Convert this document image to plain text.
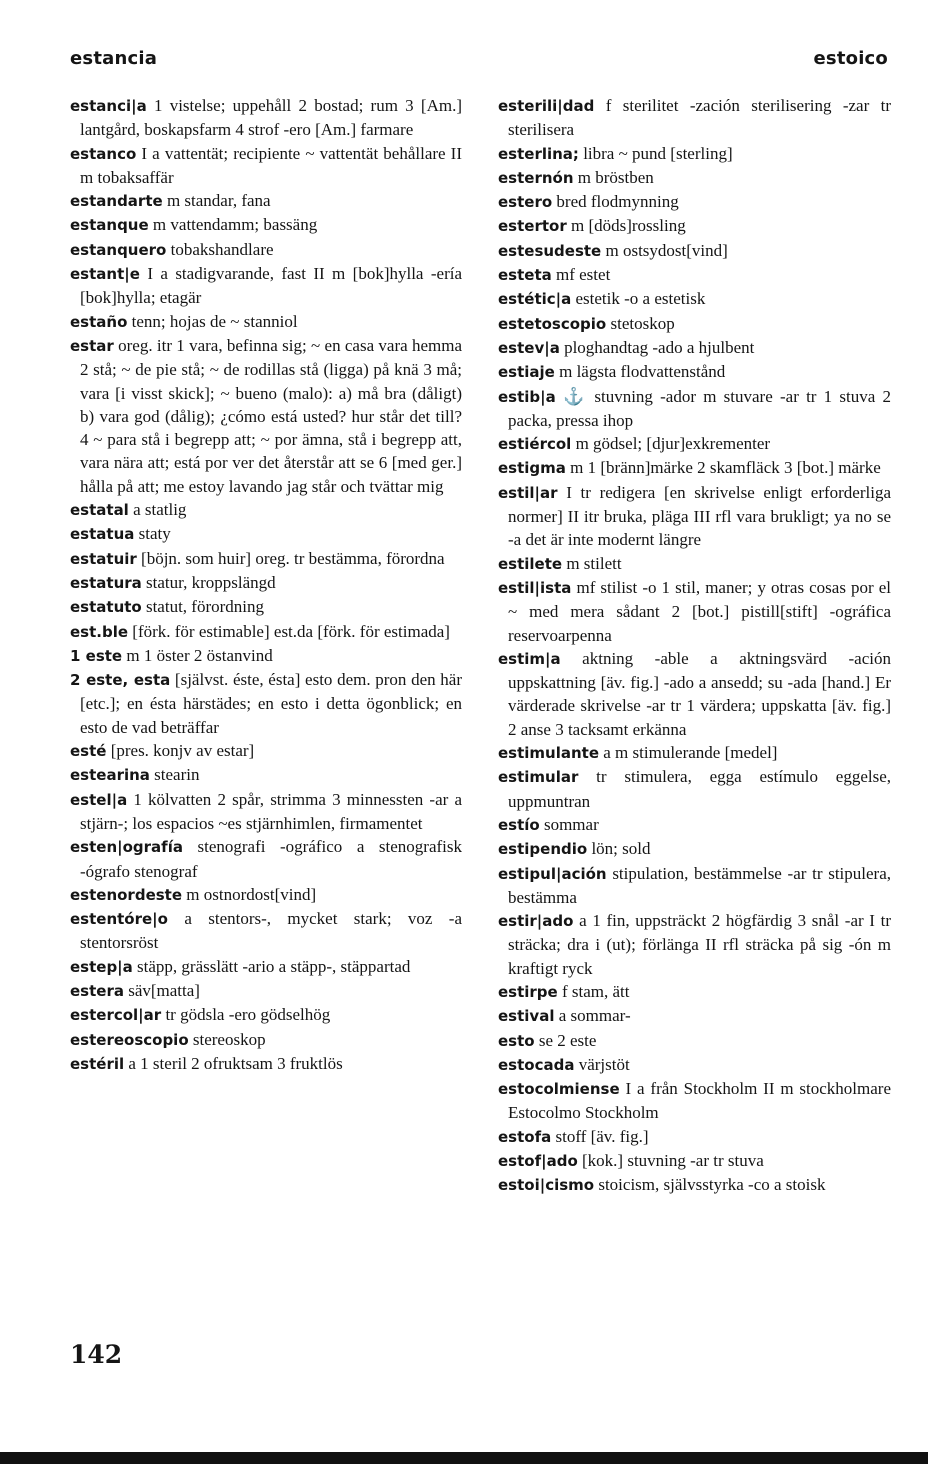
estancia	estoico
estanci|a 1 vistelse; uppehåll 2 bostad; rum 3 [Am.] lantgård, boskapsfarm 4 strof -ero [Am.] farmare
estanco I a vattentät; recipiente ~ vattentät behållare II m tobaksaffär
estandarte m standar, fana
estanque m vattendamm; bassäng
estanquero tobakshandlare
estant|e I a stadigvarande, fast II m [bok]hylla -ería [bok]hylla; etagär
estaño tenn; hojas de ~ stanniol
estar oreg. itr 1 vara, befinna sig; ~ en casa vara hemma 2 stå; ~ de pie stå; ~ de rodillas stå (ligga) på knä 3 må; vara [i visst skick]; ~ bueno (malo): a) må bra (dåligt) b) vara god (dålig); ¿cómo está usted? hur står det till? 4 ~ para stå i begrepp att; ~ por ämna, stå i begrepp att, vara nära att; está por ver det återstår att se 6 [med ger.] hålla på att; me estoy lavando jag står och tvättar mig
estatal a statlig
estatua staty
estatuir [böjn. som huir] oreg. tr bestämma, förordna
estatura statur, kroppslängd
estatuto statut, förordning
est.ble [förk. för estimable] est.da [förk. för estimada]
1 este m 1 öster 2 östanvind
2 este, esta [självst. éste, ésta] esto dem. pron den här [etc.]; en ésta härstädes; en esto i detta ögonblick; en esto de vad beträffar
esté [pres. konjv av estar]
estearina stearin
estel|a 1 kölvatten 2 spår, strimma 3 minnessten -ar a stjärn-; los espacios ~es stjärnhimlen, firmamentet
esten|ografía stenografi -ográfico a stenografisk -ógrafo stenograf
estenordeste m ostnordost[vind]
estentóre|o a stentors-, mycket stark; voz -a stentorsröst
estep|a stäpp, grässlätt -ario a stäpp-, stäppartad
estera säv[matta]
estercol|ar tr gödsla -ero gödselhög
estereoscopio stereoskop
estéril a 1 steril 2 ofruktsam 3 fruktlös
esterili|dad f sterilitet -zación sterilisering -zar tr sterilisera
esterlina; libra ~ pund [sterling]
esternón m bröstben
estero bred flodmynning
estertor m [döds]rossling
estesudeste m ostsydost[vind]
esteta mf estet
estétic|a estetik -o a estetisk
estetoscopio stetoskop
estev|a ploghandtag -ado a hjulbent
estiaje m lägsta flodvattenstånd
estib|a ⚓ stuvning -ador m stuvare -ar tr 1 stuva 2 packa, pressa ihop
estiércol m gödsel; [djur]exkrementer
estigma m 1 [bränn]märke 2 skamfläck 3 [bot.] märke
estil|ar I tr redigera [en skrivelse enligt erforderliga normer] II itr bruka, pläga III rfl vara brukligt; ya no se -a det är inte modernt längre
estilete m stilett
estil|ista mf stilist -o 1 stil, maner; y otras cosas por el ~ med mera sådant 2 [bot.] pistill[stift] -ográfica reservoarpenna
estim|a aktning -able a aktningsvärd -ación uppskattning [äv. fig.] -ado a ansedd; su -ada [hand.] Er värderade skrivelse -ar tr 1 värdera; uppskatta [äv. fig.] 2 anse 3 tacksamt erkänna
estimulante a m stimulerande [medel]
estimular tr stimulera, egga estímulo eggelse, uppmuntran
estío sommar
estipendio lön; sold
estipul|ación stipulation, bestämmelse -ar tr stipulera, bestämma
estir|ado a 1 fin, uppsträckt 2 högfärdig 3 snål -ar I tr sträcka; dra i (ut); förlänga II rfl sträcka på sig -ón m kraftigt ryck
estirpe f stam, ätt
estival a sommar-
esto se 2 este
estocada värjstöt
estocolmiense I a från Stockholm II m stockholmare Estocolmo Stockholm
estofa stoff [äv. fig.]
estof|ado [kok.] stuvning -ar tr stuva
estoi|cismo stoicism, självsstyrka -co a stoisk
142
